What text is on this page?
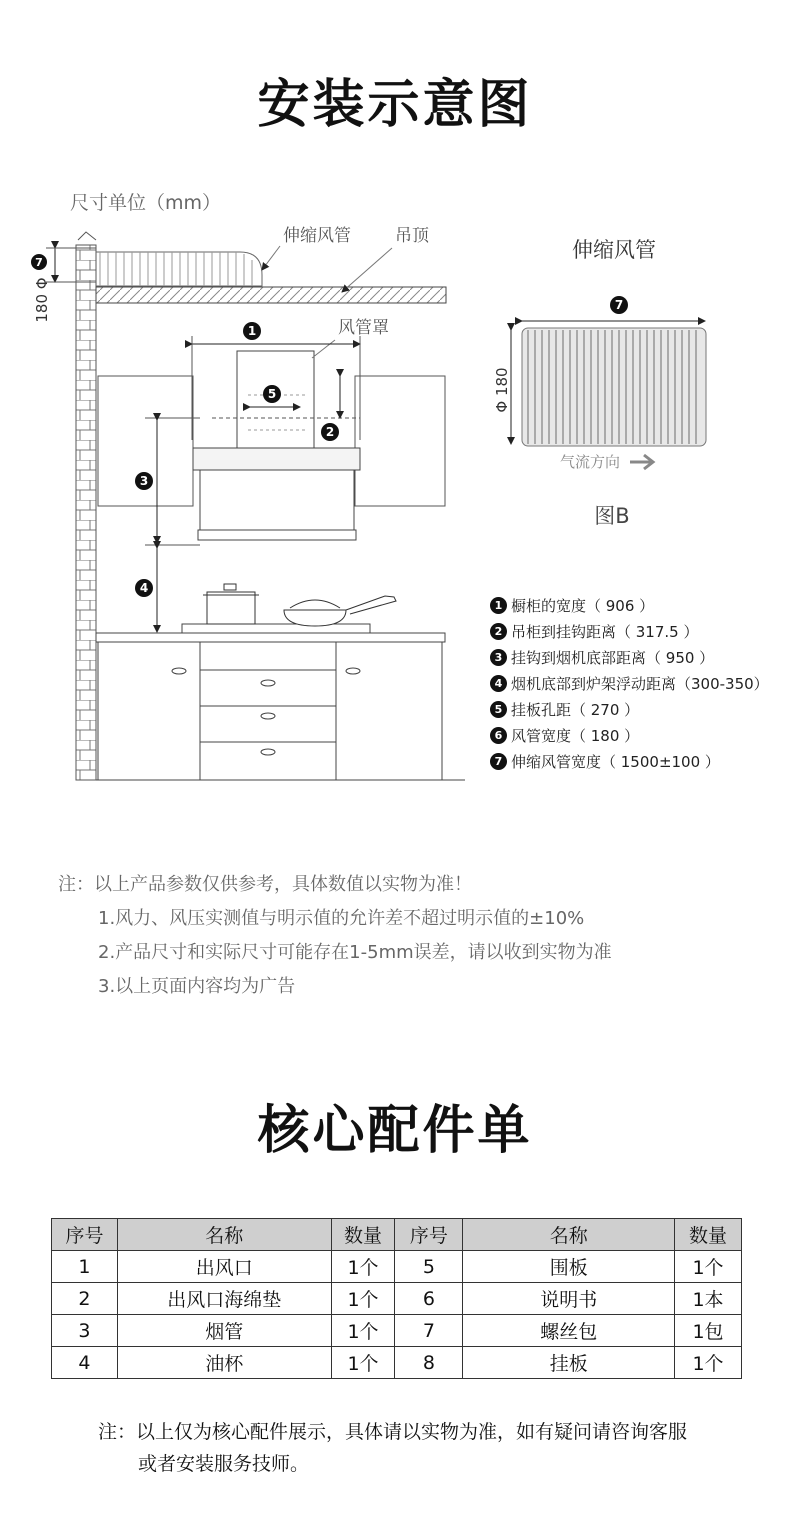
安装示意图
尺寸单位（mm）
7
180 Φ
伸缩风管	吊顶
风管罩
1
5
2
3
4
伸缩风管
7
Φ 180
气流方向
图B
1 橱柜的宽度（ 906 ）
2 吊柜到挂钩距离（ 317.5 ）
3 挂钩到烟机底部距离（ 950 ）
4 烟机底部到炉架浮动距离（300-350）
5 挂板孔距（ 270 ）
6 风管宽度（ 180 ）
7 伸缩风管宽度（ 1500±100 ）
注：以上产品参数仅供参考，具体数值以实物为准！
1.风力、风压实测值与明示值的允许差不超过明示值的±10%
2.产品尺寸和实际尺寸可能存在1-5mm误差，请以收到实物为准
3.以上页面内容均为广告
核心配件单
序号	名称	数量	序号	名称	数量
1	出风口	1个	5	围板	1个
2	出风口海绵垫	1个	6	说明书	1本
3	烟管	1个	7	螺丝包	1包
4	油杯	1个	8	挂板	1个
注：以上仅为核心配件展示，具体请以实物为准，如有疑问请咨询客服
或者安装服务技师。
